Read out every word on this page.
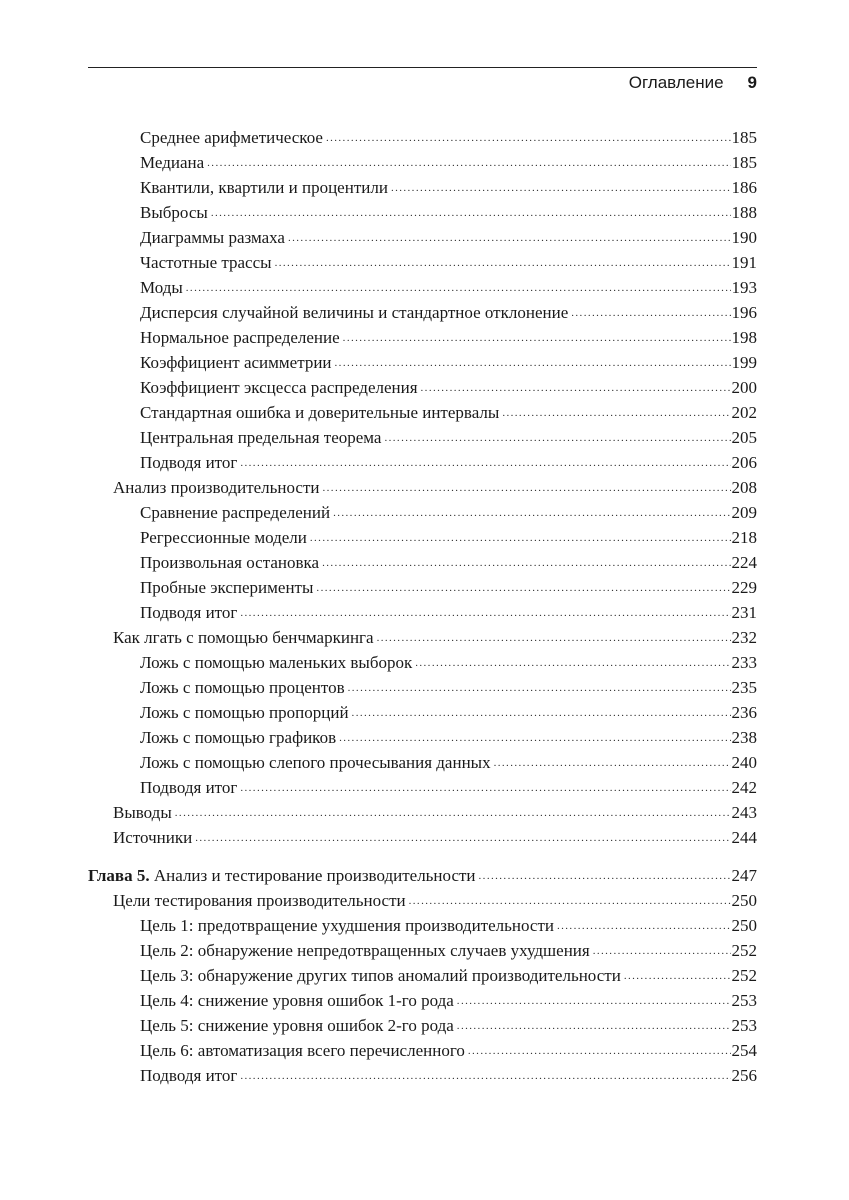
Оглавление 9
Среднее арифметическое .....	185
Медиана .....	185
Квантили, квартили и процентили .....	186
Выбросы .....	188
Диаграммы размаха .....	190
Частотные трассы .....	191
Моды .....	193
Дисперсия случайной величины и стандартное отклонение .....	196
Нормальное распределение .....	198
Коэффициент асимметрии .....	199
Коэффициент эксцесса распределения .....	200
Стандартная ошибка и доверительные интервалы .....	202
Центральная предельная теорема .....	205
Подводя итог .....	206
Анализ производительности .....	208
Сравнение распределений .....	209
Регрессионные модели .....	218
Произвольная остановка .....	224
Пробные эксперименты .....	229
Подводя итог .....	231
Как лгать с помощью бенчмаркинга .....	232
Ложь с помощью маленьких выборок .....	233
Ложь с помощью процентов .....	235
Ложь с помощью пропорций .....	236
Ложь с помощью графиков .....	238
Ложь с помощью слепого прочесывания данных .....	240
Подводя итог .....	242
Выводы .....	243
Источники .....	244
Глава 5. Анализ и тестирование производительности .....	247
Цели тестирования производительности .....	250
Цель 1: предотвращение ухудшения производительности .....	250
Цель 2: обнаружение непредотвращенных случаев ухудшения .....	252
Цель 3: обнаружение других типов аномалий производительности .....	252
Цель 4: снижение уровня ошибок 1-го рода .....	253
Цель 5: снижение уровня ошибок 2-го рода .....	253
Цель 6: автоматизация всего перечисленного .....	254
Подводя итог .....	256
